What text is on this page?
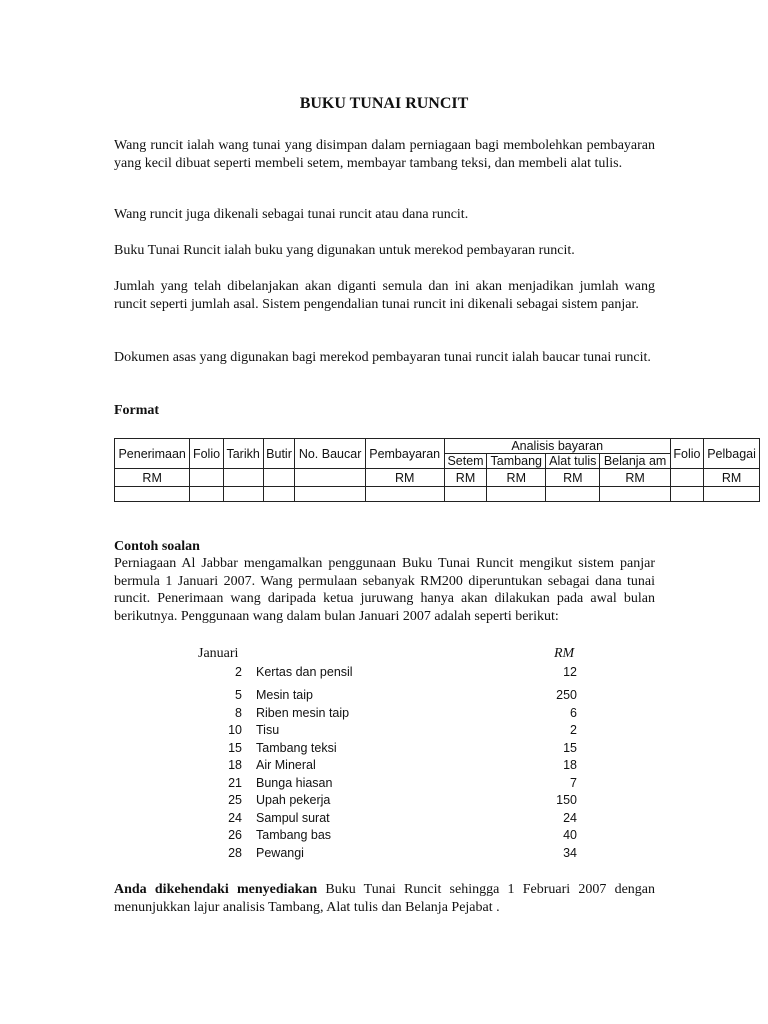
BUKU TUNAI RUNCIT

Wang runcit ialah wang tunai yang disimpan dalam perniagaan bagi membolehkan pembayaran yang kecil dibuat seperti membeli setem, membayar tambang teksi, dan membeli alat tulis.

Wang runcit juga dikenali sebagai tunai runcit atau dana runcit.

Buku Tunai Runcit ialah buku yang digunakan untuk merekod pembayaran runcit.

Jumlah yang telah dibelanjakan akan diganti semula dan ini akan menjadikan jumlah wang runcit seperti jumlah asal. Sistem pengendalian tunai runcit ini dikenali sebagai sistem panjar.

Dokumen asas yang digunakan bagi merekod pembayaran tunai runcit ialah baucar tunai runcit.

Format

Penerimaan	Folio	Tarikh	Butir	No. Baucar	Pembayaran	Analisis bayaran				Folio	Pelbagai
						Setem	Tambang	Alat tulis	Belanja am		
RM					RM	RM	RM	RM	RM		RM

Contoh soalan

Perniagaan Al Jabbar mengamalkan penggunaan Buku Tunai Runcit mengikut sistem panjar bermula 1 Januari 2007. Wang permulaan sebanyak RM200 diperuntukan sebagai dana tunai runcit. Penerimaan wang daripada ketua juruwang hanya akan dilakukan pada awal bulan berikutnya. Penggunaan wang dalam bulan Januari 2007 adalah seperti berikut:

Januari	RM
2 Kertas dan pensil	12
5 Mesin taip	250
8 Riben mesin taip	6
10 Tisu	2
15 Tambang teksi	15
18 Air Mineral	18
21 Bunga hiasan	7
25 Upah pekerja	150
24 Sampul surat	24
26 Tambang bas	40
28 Pewangi	34

Anda dikehendaki menyediakan Buku Tunai Runcit sehingga 1 Februari 2007 dengan menunjukkan lajur analisis Tambang, Alat tulis dan Belanja Pejabat .
